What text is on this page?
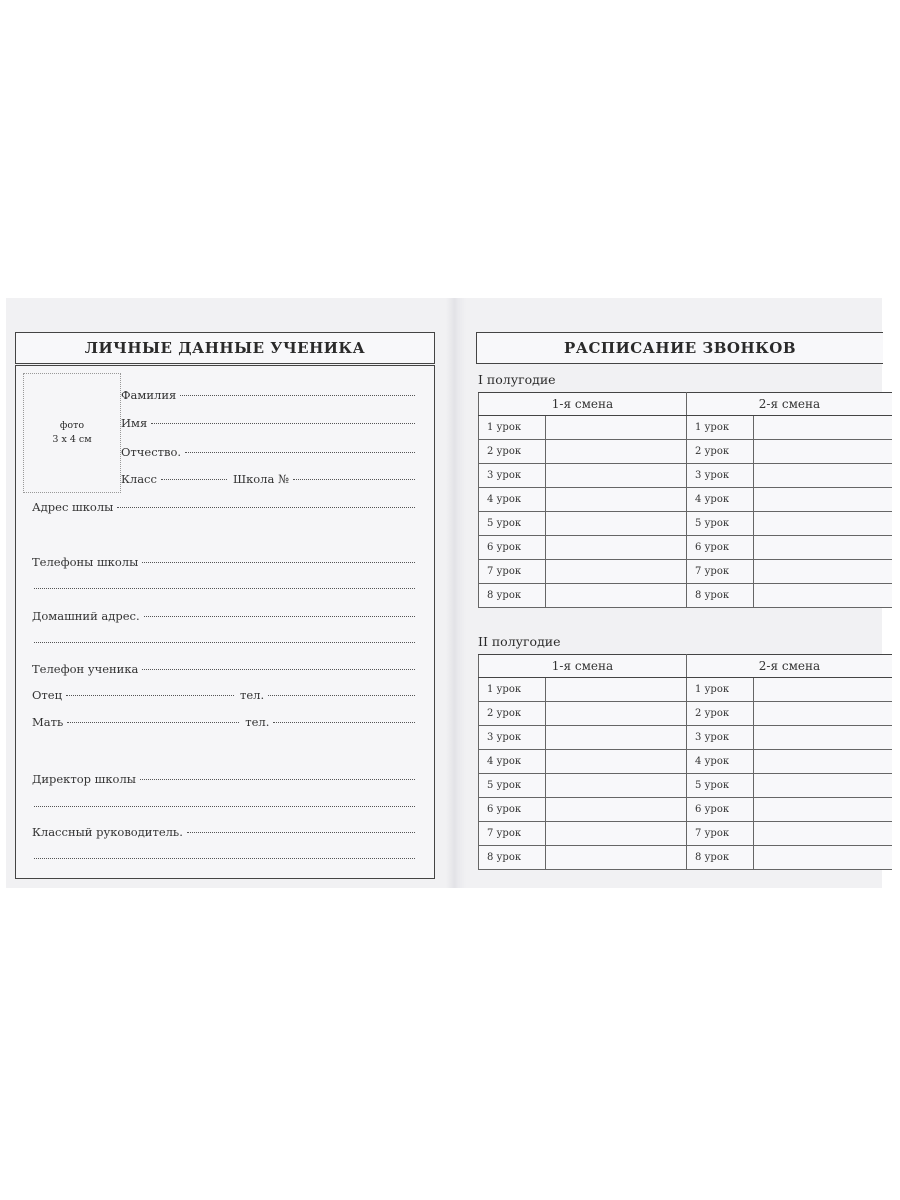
ЛИЧНЫЕ ДАННЫЕ УЧЕНИКА
фото
3 х 4 см
Фамилия
Имя
Отчество.
Класс	Школа №
Адрес школы
Телефоны школы
Домашний адрес.
Телефон ученика
Отец	тел.
Мать	тел.
Директор школы
Классный руководитель.
РАСПИСАНИЕ ЗВОНКОВ
I полугодие
1-я смена		2-я смена	
1 урок		1 урок	
2 урок		2 урок	
3 урок		3 урок	
4 урок		4 урок	
5 урок		5 урок	
6 урок		6 урок	
7 урок		7 урок	
8 урок		8 урок	
II полугодие
1-я смена		2-я смена	
1 урок		1 урок	
2 урок		2 урок	
3 урок		3 урок	
4 урок		4 урок	
5 урок		5 урок	
6 урок		6 урок	
7 урок		7 урок	
8 урок		8 урок	
